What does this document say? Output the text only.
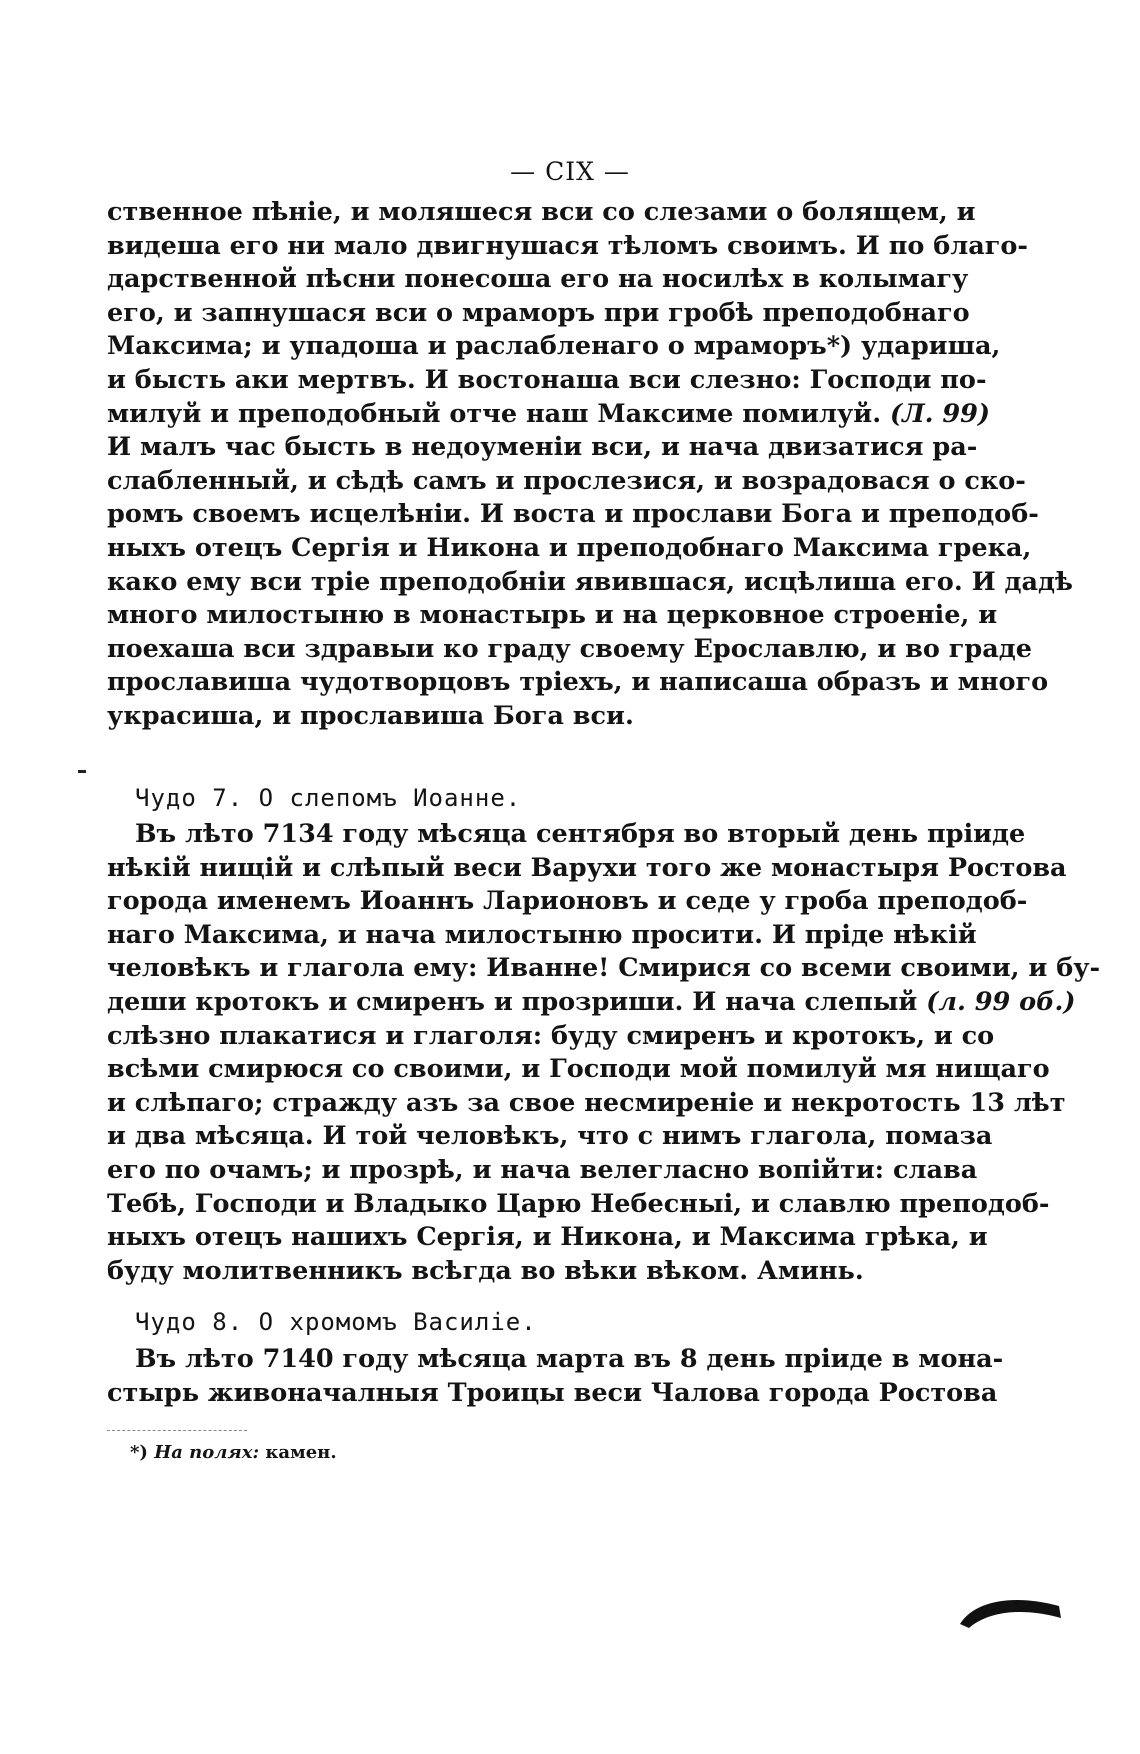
— CIX —
ственное пѣніе, и моляшеся вси со слезами о болящем, и
видеша его ни мало двигнушася тѣломъ своимъ. И по благо-
дарственной пѣсни понесоша его на носилѣх в колымагу
его, и запнушася вси о мраморъ при гробѣ преподобнаго
Максима; и упадоша и раслабленаго о мраморъ*) удариша,
и бысть аки мертвъ. И востонаша вси слезно: Господи по-
милуй и преподобный отче наш Максиме помилуй. (Л. 99)
И малъ час бысть в недоуменіи вси, и нача двизатися ра-
слабленный, и сѣдѣ самъ и прослезися, и возрадовася о ско-
ромъ своемъ исцелѣніи. И воста и прослави Бога и преподоб-
ныхъ отецъ Сергія и Никона и преподобнаго Максима грека,
како ему вси тріе преподобніи явившася, исцѣлиша его. И дадѣ
много милостыню в монастырь и на церковное строеніе, и
поехаша вси здравыи ко граду своему Ерославлю, и во граде
прославиша чудотворцовъ тріехъ, и написаша образъ и много
украсиша, и прославиша Бога вси.
Чудо 7. О слепомъ Иоанне.
Въ лѣто 7134 году мѣсяца сентября во вторый день пріиде
нѣкій нищій и слѣпый веси Варухи того же монастыря Ростова
города именемъ Иоаннъ Ларионовъ и седе у гроба преподоб-
наго Максима, и нача милостыню просити. И пріде нѣкій
человѣкъ и глагола ему: Иванне! Смирися со всеми своими, и бу-
деши кротокъ и смиренъ и прозриши. И нача слепый (л. 99 об.)
слѣзно плакатися и глаголя: буду смиренъ и кротокъ, и со
всѣми смирюся со своими, и Господи мой помилуй мя нищаго
и слѣпаго; стражду азъ за свое несмиреніе и некротость 13 лѣт
и два мѣсяца. И той человѣкъ, что с нимъ глагола, помаза
его по очамъ; и прозрѣ, и нача велегласно вопійти: слава
Тебѣ, Господи и Владыко Царю Небесныі, и славлю преподоб-
ныхъ отецъ нашихъ Сергія, и Никона, и Максима грѣка, и
буду молитвенникъ всѣгда во вѣки вѣком. Аминь.
Чудо 8. О хромомъ Василіе.
Въ лѣто 7140 году мѣсяца марта въ 8 день пріиде в мона-
стырь живоначалныя Троицы веси Чалова города Ростова
*) На полях: камен.
